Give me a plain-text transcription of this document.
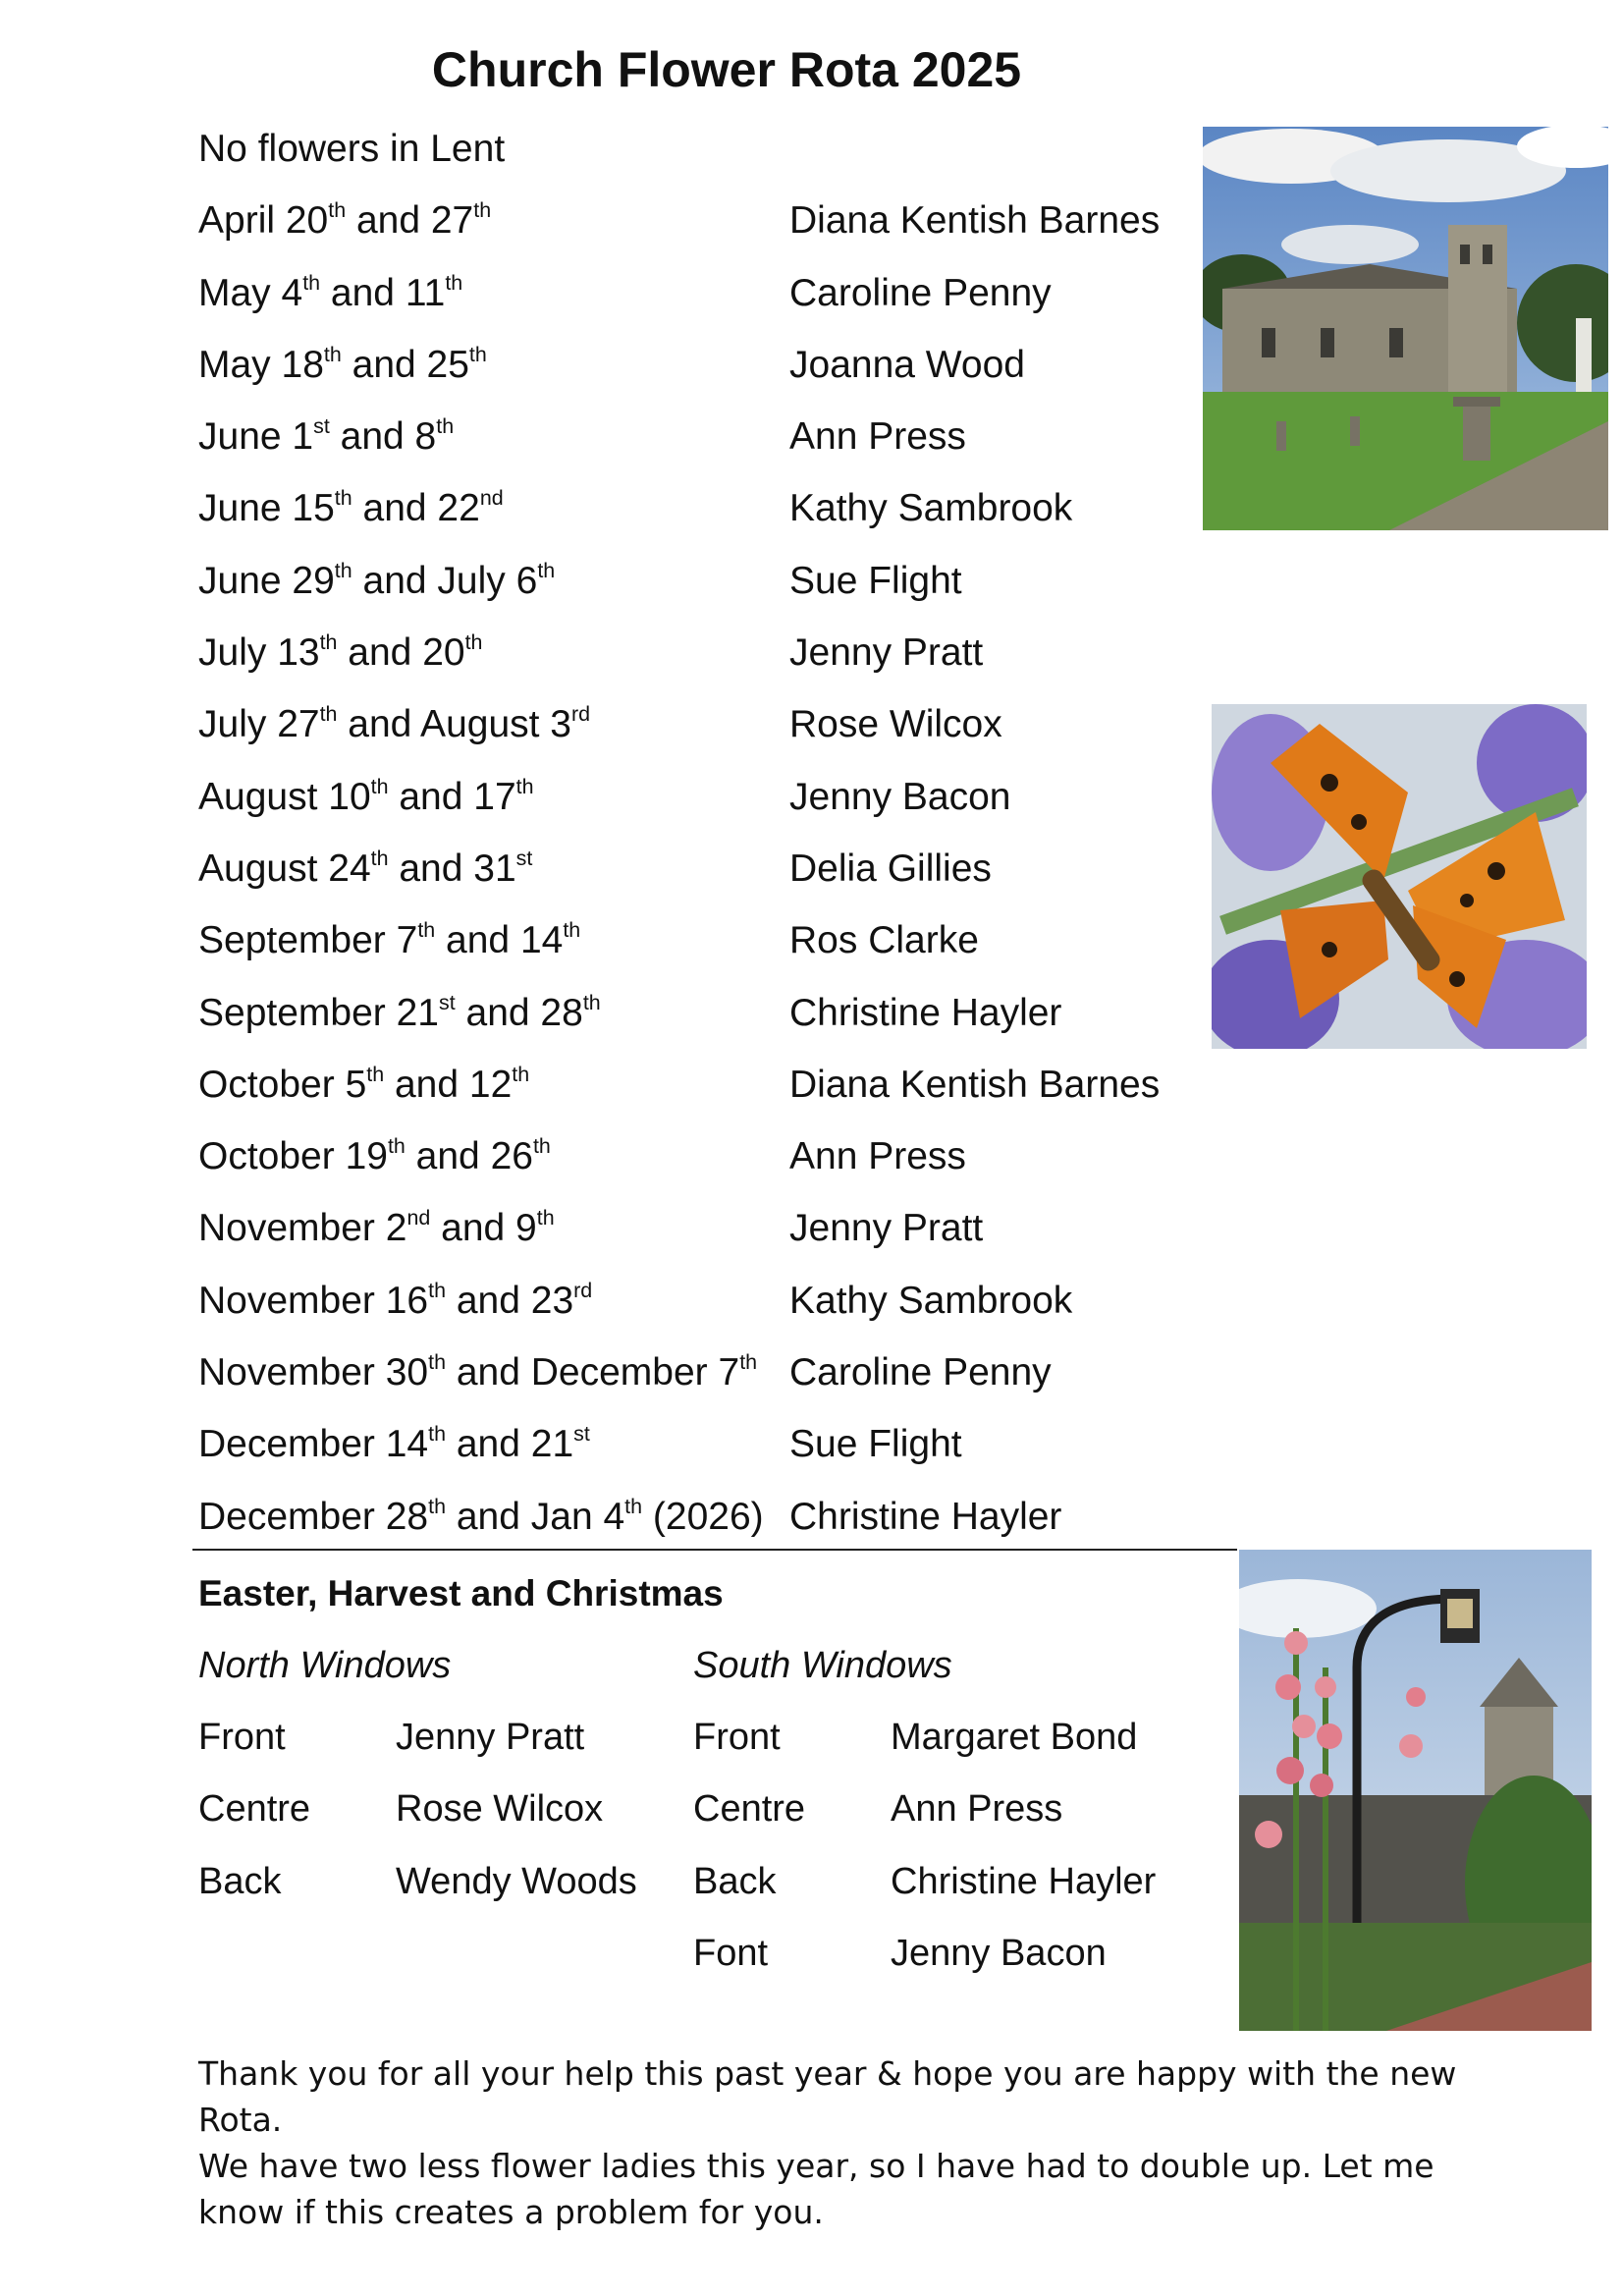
Church Flower Rota 2025
No flowers in Lent
April 20th and 27th	Diana Kentish Barnes
May 4th and 11th	Caroline Penny
May 18th and 25th	Joanna Wood
June 1st and 8th	Ann Press
June 15th and 22nd	Kathy Sambrook
June 29th and July 6th	Sue Flight
July 13th and 20th	Jenny Pratt
July 27th and August 3rd	Rose Wilcox
August 10th and 17th	Jenny Bacon
August 24th and 31st	Delia Gillies
September 7th and 14th	Ros Clarke
September 21st and 28th	Christine Hayler
October 5th and 12th	Diana Kentish Barnes
October 19th and 26th	Ann Press
November 2nd and 9th	Jenny Pratt
November 16th and 23rd	Kathy Sambrook
November 30th and December 7th Caroline Penny
December 14th and 21st	Sue Flight
December 28th and Jan 4th (2026) Christine Hayler
Easter, Harvest and Christmas
North Windows	South Windows
Front	Jenny Pratt
Centre Rose Wilcox
Back	Wendy Woods
Front	Margaret Bond
Centre Ann Press
Back	Christine Hayler
Font	Jenny Bacon
Thank you for all your help this past year & hope you are happy with the new Rota.
We have two less flower ladies this year, so I have had to double up. Let me
know if this creates a problem for you.
